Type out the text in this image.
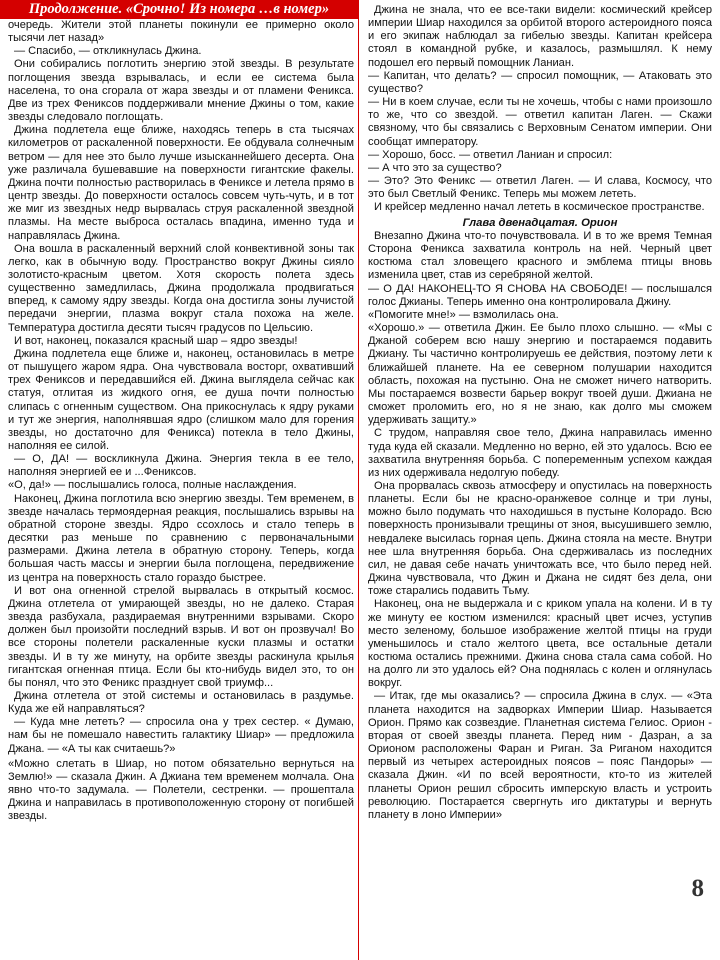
Продолжение. «Срочно! Из номера …в номер»

очередь. Жители этой планеты покинули ее примерно около тысячи лет назад»

— Спасибо, — откликнулась Джина.

Они собирались поглотить энергию этой звезды. В результате поглощения звезда взрывалась, и если ее система была населена, то она сгорала от жара звезды и от пламени Феникса. Две из трех Фениксов поддерживали мнение Джины о том, какие звезды следовало поглощать.

Джина подлетела еще ближе, находясь теперь в ста тысячах километров от раскаленной поверхности. Ее обдувала солнечным ветром — для нее это было лучше изысканнейшего десерта. Она уже различала бушевавшие на поверхности гигантские факелы. Джина почти полностью растворилась в Фениксе и летела прямо в центр звезды. До поверхности осталось совсем чуть-чуть, и в тот же миг из звездных недр вырвалась струя раскаленной звездной плазмы. На месте выброса осталась впадина, именно туда и направлялась Джина.

Она вошла в раскаленный верхний слой конвективной зоны так легко, как в обычную воду. Пространство вокруг Джины сияло золотисто-красным цветом. Хотя скорость полета здесь существенно замедлилась, Джина продолжала продвигаться вперед, к самому ядру звезды. Когда она достигла зоны лучистой передачи энергии, плазма вокруг стала похожа на желе. Температура достигла десяти тысяч градусов по Цельсию.

И вот, наконец, показался красный шар – ядро звезды!

Джина подлетела еще ближе и, наконец, остановилась в метре от пышущего жаром ядра. Она чувствовала восторг, охвативший трех Фениксов и передавшийся ей. Джина выглядела сейчас как статуя, отлитая из жидкого огня, ее душа почти полностью слипась с огненным существом. Она прикоснулась к ядру руками и тут же энергия, наполнявшая ядро (слишком мало для горения звезды, но достаточно для Феникса) потекла в тело Джины, наполняя ее силой.

— О, ДА! — воскликнула Джина. Энергия текла в ее тело, наполняя энергией ее и ...Фениксов.

«О, да!» — послышались голоса, полные наслаждения.

Наконец, Джина поглотила всю энергию звезды. Тем временем, в звезде началась термоядерная реакция, послышались взрывы на обратной стороне звезды. Ядро ссохлось и стало теперь в десятки раз меньше по сравнению с первоначальными размерами. Джина летела в обратную сторону. Теперь, когда большая часть массы и энергии была поглощена, передвижение из центра на поверхность стало гораздо быстрее.

И вот она огненной стрелой вырвалась в открытый космос. Джина отлетела от умирающей звезды, но не далеко. Старая звезда разбухала, раздираемая внутренними взрывами. Скоро должен был произойти последний взрыв. И вот он прозвучал! Во все стороны полетели раскаленные куски плазмы и остатки звезды. И в ту же минуту, на орбите звезды раскинула крылья гигантская огненная птица. Если бы кто-нибудь видел это, то он бы понял, что это Феникс празднует свой триумф...

Джина отлетела от этой системы и остановилась в раздумье. Куда же ей направляться?

— Куда мне лететь? — спросила она у трех сестер. « Думаю, нам бы не помешало навестить галактику Шиар» — предложила Джана. — «А ты как считаешь?»

«Можно слетать в Шиар, но потом обязательно вернуться на Землю!» — сказала Джин. А Джиана тем временем молчала. Она явно что-то задумала. — Полетели, сестренки. — прошептала Джина и направилась в противоположенную сторону от погибшей звезды.

Джина не знала, что ее все-таки видели: космический крейсер империи Шиар находился за орбитой второго астероидного пояса и его экипаж наблюдал за гибелью звезды. Капитан крейсера стоял в командной рубке, и казалось, размышлял. К нему подошел его первый помощник Ланиан.

— Капитан, что делать? — спросил помощник, — Атаковать это существо?

— Ни в коем случае, если ты не хочешь, чтобы с нами произошло то же, что со звездой. — ответил капитан Лаген. — Скажи связному, что бы связались с Верховным Сенатом империи. Они сообщат императору.

— Хорошо, босс. — ответил Ланиан и спросил:

— А что это за существо?

— Это? Это Феникс — ответил Лаген. — И слава, Космосу, что это был Светлый Феникс. Теперь мы можем лететь.

И крейсер медленно начал лететь в космическое пространстве.

Глава двенадцатая. Орион

Внезапно Джина что-то почувствовала. И в то же время Темная Сторона Феникса захватила контроль на ней. Черный цвет костюма стал зловещего красного и эмблема птицы вновь изменила цвет, став из серебряной желтой.

— О ДА! НАКОНЕЦ-ТО Я СНОВА НА СВОБОДЕ! — послышался голос Джианы. Теперь именно она контролировала Джину.

«Помогите мне!» — взмолилась она.

«Хорошо.» — ответила Джин. Ее было плохо слышно. — «Мы с Джаной соберем всю нашу энергию и постараемся подавить Джиану. Ты частично контролируешь ее действия, поэтому лети к ближайшей планете. На ее северном полушарии находится область, похожая на пустыню. Она не сможет ничего натворить. Мы постараемся возвести барьер вокруг твоей души. Джиана не сможет проломить его, но я не знаю, как долго мы сможем удерживать защиту.»

С трудом, направляя свое тело, Джина направилась именно туда куда ей сказали. Медленно но верно, ей это удалось. Всю ее захватила внутренняя борьба. С попеременным успехом каждая из них одерживала недолгую победу.

Она прорвалась сквозь атмосферу и опустилась на поверхность планеты. Если бы не красно-оранжевое солнце и три луны, можно было подумать что находишься в пустыне Колорадо. Всю поверхность пронизывали трещины от зноя, высушившего землю, невдалеке высилась горная цепь. Джина стояла на месте. Внутри нее шла внутренняя борьба. Она сдерживалась из последних сил, не давая себе начать уничтожать все, что было перед ней. Джина чувствовала, что Джин и Джана не сидят без дела, они тоже старались подавить Тьму.

Наконец, она не выдержала и с криком упала на колени. И в ту же минуту ее костюм изменился: красный цвет исчез, уступив место зеленому, большое изображение желтой птицы на груди уменьшилось и стало желтого цвета, все остальные детали костюма остались прежними. Джина снова стала сама собой. Но на долго ли это удалось ей? Она поднялась с колен и оглянулась вокруг.

— Итак, где мы оказались? — спросила Джина в слух. — «Эта планета находится на задворках Империи Шиар. Называется Орион. Прямо как созвездие. Планетная система Гелиос. Орион - вторая от своей звезды планета. Перед ним - Дазран, а за Орионом расположены Фаран и Риган. За Риганом находится первый из четырех астероидных поясов – пояс Пандоры» — сказала Джин. «И по всей вероятности, кто-то из жителей планеты Орион решил сбросить имперскую власть и устроить революцию. Постарается свергнуть иго диктатуры и вернуть планету в лоно Империи»

8
